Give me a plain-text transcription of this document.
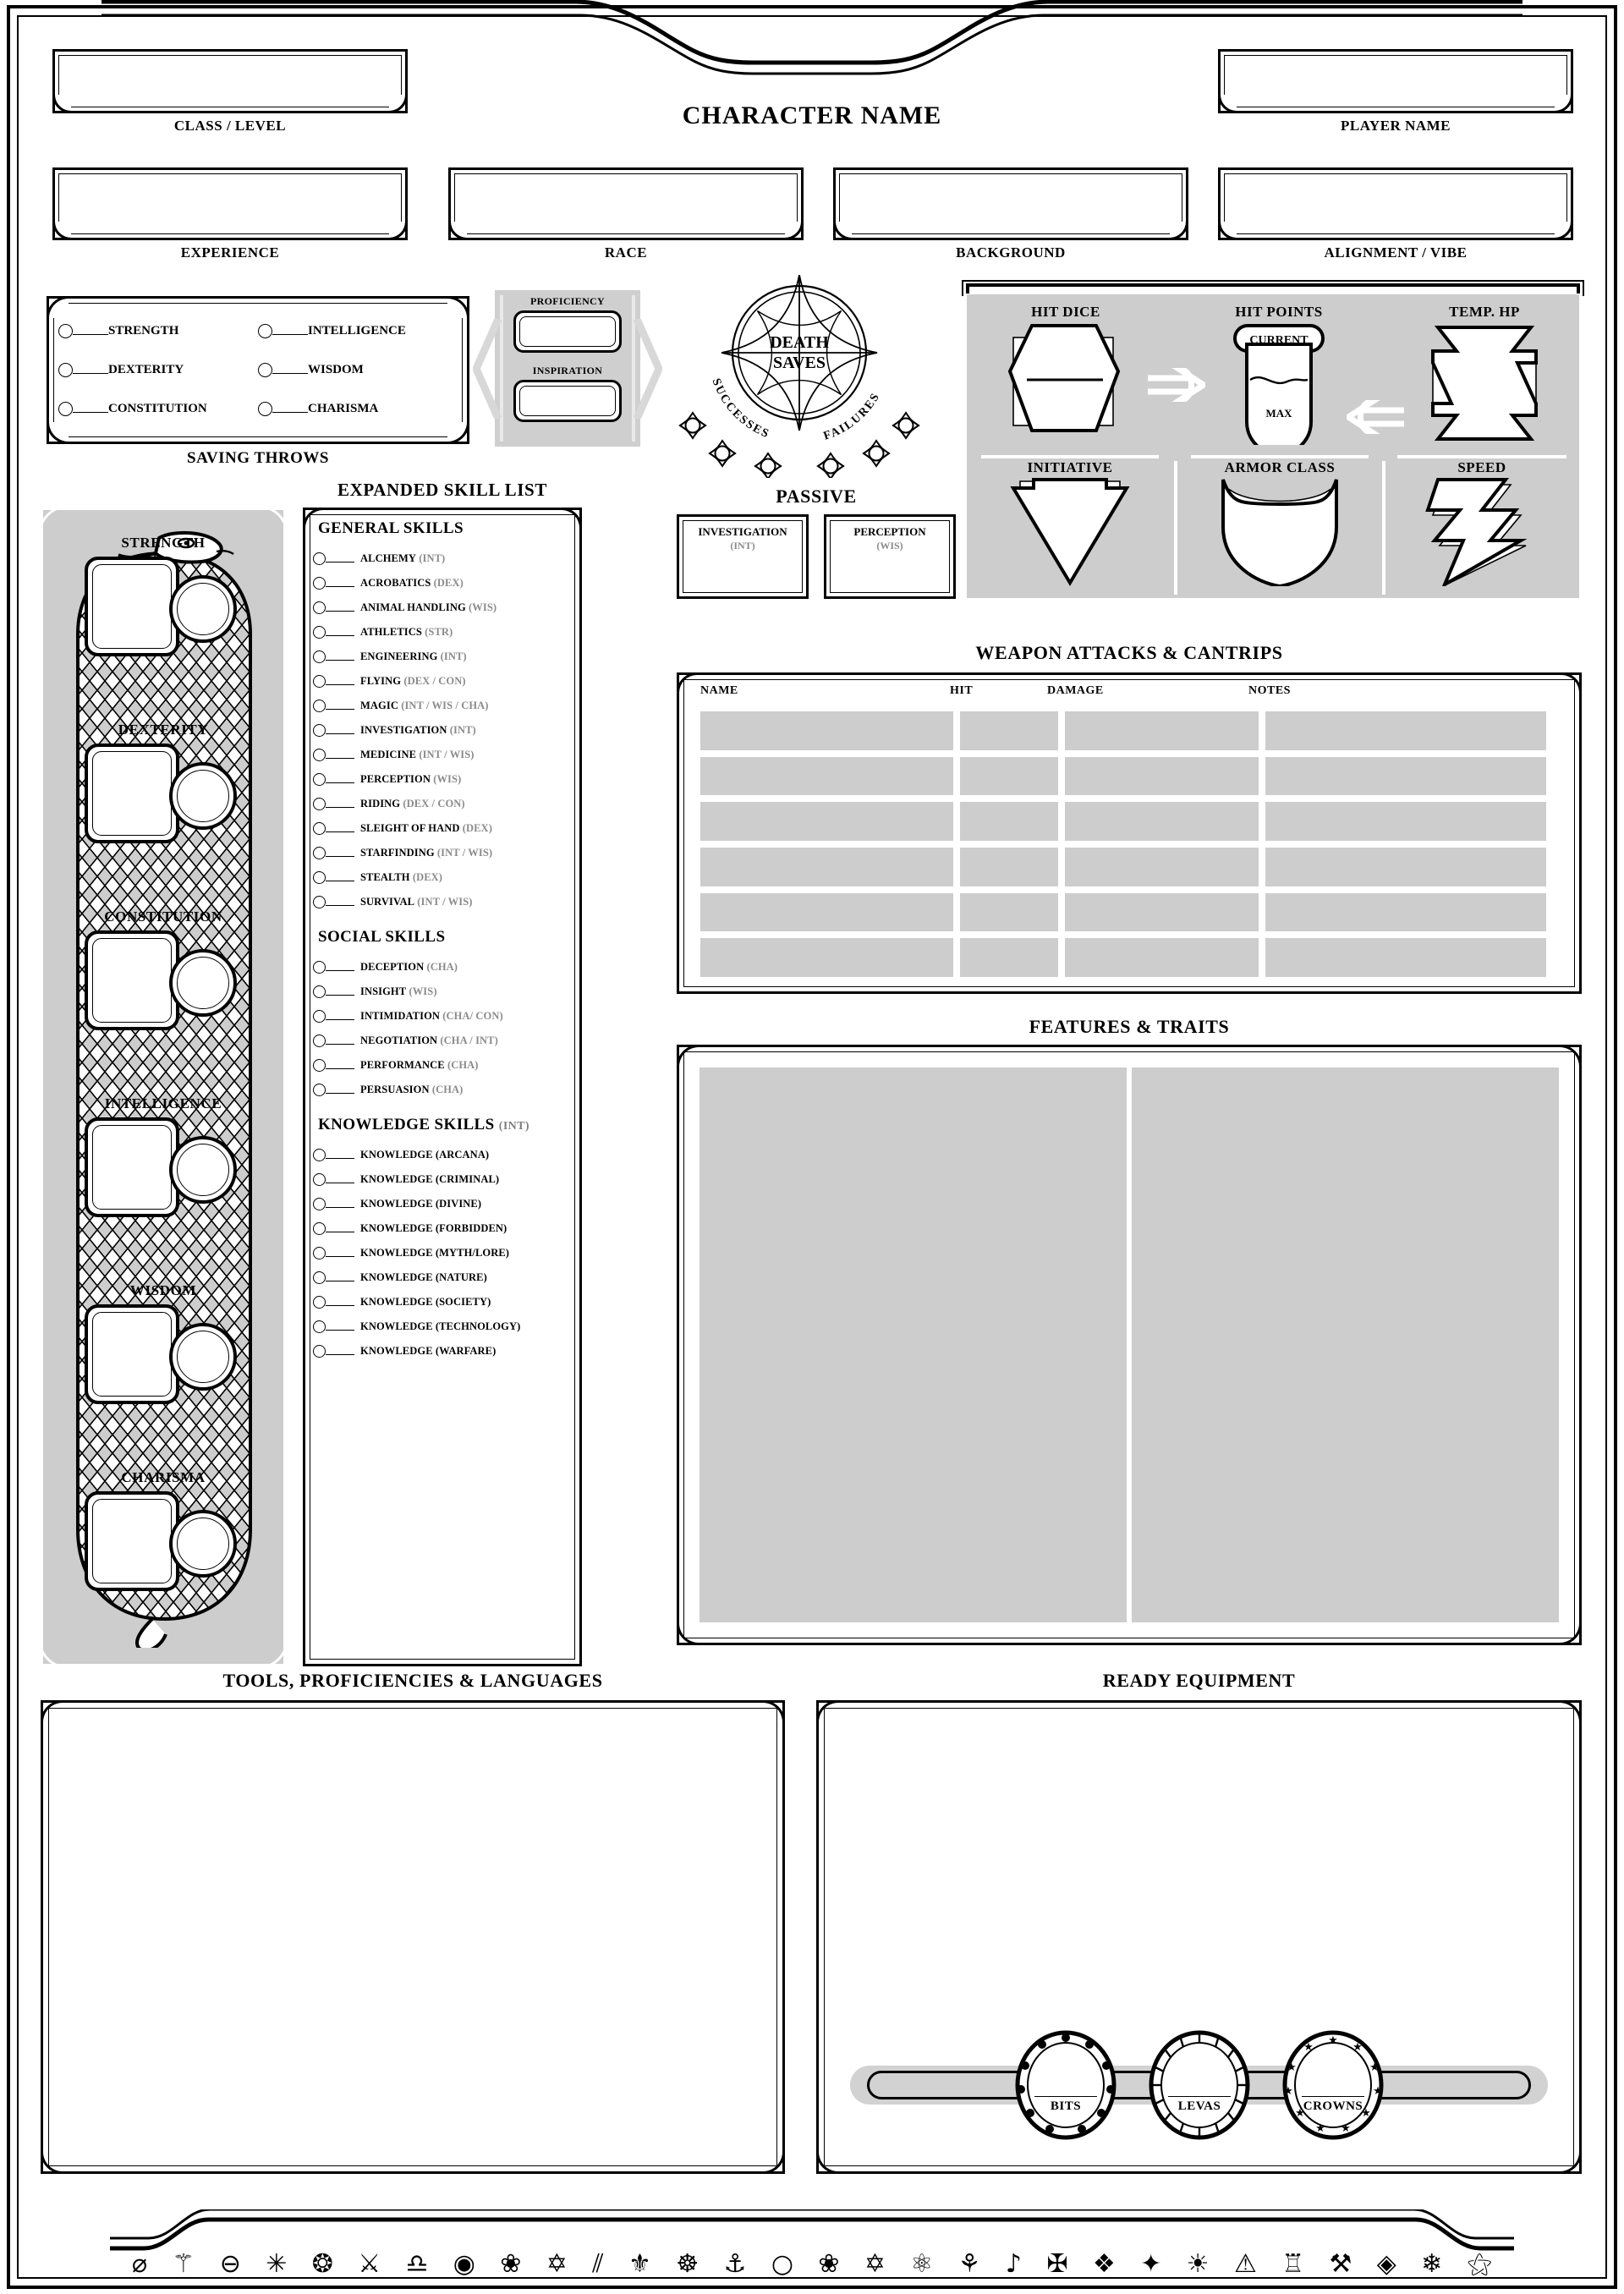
CLASS / LEVEL	CHARACTER NAME	PLAYER NAME
EXPERIENCE	RACE	BACKGROUND	ALIGNMENT / VIBE
STRENGTH	INTELLIGENCE
DEXTERITY	WISDOM
CONSTITUTION	CHARISMA
SAVING THROWS
PROFICIENCY
INSPIRATION
DEATH
SAVES
SUCCESSES	FAILURES
HIT DICE	HIT POINTS
CURRENT
MAX
TEMP. HP
INITIATIVE	ARMOR CLASS	SPEED
STRENGTH
DEXTERITY
CONSTITUTION
INTELLIGENCE
WISDOM
CHARISMA
EXPANDED SKILL LIST
GENERAL SKILLS
ALCHEMY
(INT)
ACROBATICS
(DEX)
ANIMAL HANDLING
(WIS)
ATHLETICS
(STR)
ENGINEERING
(INT)
FLYING
(DEX / CON)
MAGIC
(INT / WIS / CHA)
INVESTIGATION
(INT)
MEDICINE
(INT / WIS)
PERCEPTION
(WIS)
RIDING
(DEX / CON)
SLEIGHT OF HAND
(DEX)
STARFINDING
(INT / WIS)
STEALTH
(DEX)
SURVIVAL
(INT / WIS)
SOCIAL SKILLS
DECEPTION
(CHA)
INSIGHT
(WIS)
INTIMIDATION
(CHA/ CON)
NEGOTIATION
(CHA / INT)
PERFORMANCE
(CHA)
PERSUASION
(CHA)
KNOWLEDGE SKILLS (INT)
KNOWLEDGE (ARCANA)
KNOWLEDGE (CRIMINAL)
KNOWLEDGE (DIVINE)
KNOWLEDGE (FORBIDDEN)
KNOWLEDGE (MYTH/LORE)
KNOWLEDGE (NATURE)
KNOWLEDGE (SOCIETY)
KNOWLEDGE (TECHNOLOGY)
KNOWLEDGE (WARFARE)
PASSIVE
INVESTIGATION
(INT)
PERCEPTION
(WIS)
WEAPON ATTACKS & CANTRIPS
NAME	HIT	DAMAGE	NOTES
FEATURES & TRAITS
TOOLS, PROFICIENCIES & LANGUAGES	READY EQUIPMENT
BITS	LEVAS
★
★
★
★
★
★
★
★
★
★
★
CROWNS
⌀ ⚚ ⊖ ✳ ❂ ⚔ ♎ ◉ ❀ ✡ ⫽ ⚜ ☸ ⚓ ○ ❀ ✡ ⚛ ⚘ ♪ ✠ ❖ ✦ ☀ ⚠ ♖ ⚒ ◈ ❄ ⚝
